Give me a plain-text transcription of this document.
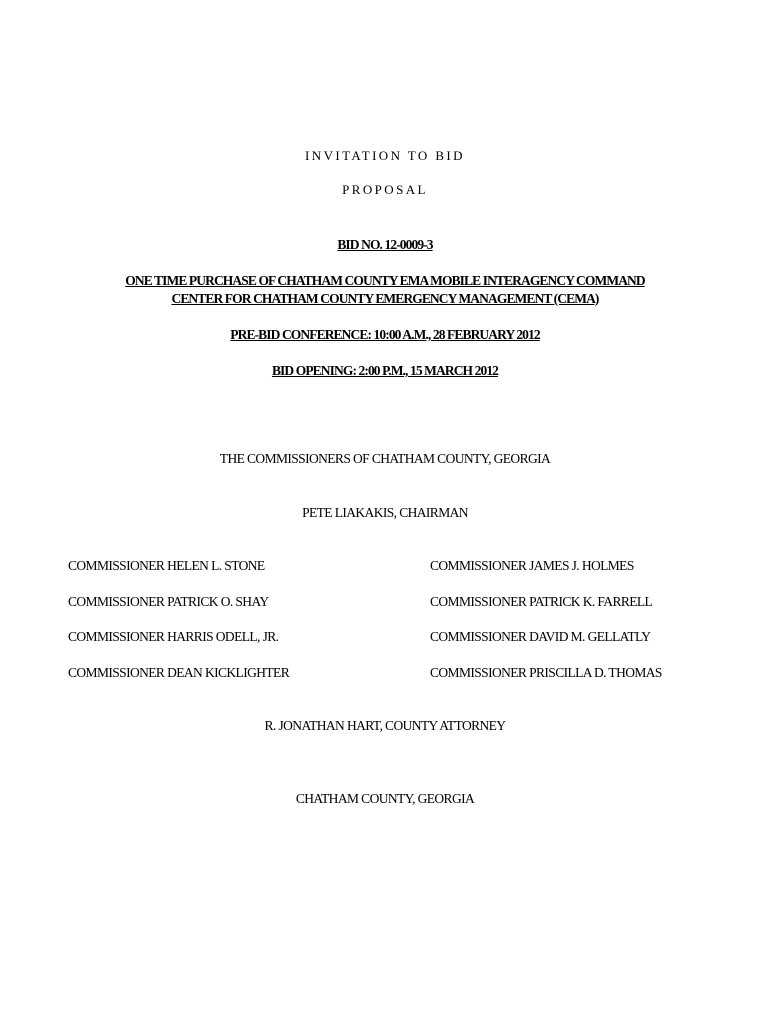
INVITATION TO BID
PROPOSAL
BID NO. 12-0009-3
ONE TIME PURCHASE OF CHATHAM COUNTY EMA MOBILE INTERAGENCY COMMAND
CENTER FOR CHATHAM COUNTY EMERGENCY MANAGEMENT (CEMA)
PRE-BID CONFERENCE: 10:00 A.M., 28 FEBRUARY 2012
BID OPENING: 2:00 P.M., 15 MARCH 2012
THE COMMISSIONERS OF CHATHAM COUNTY, GEORGIA
PETE LIAKAKIS, CHAIRMAN
COMMISSIONER HELEN L. STONE	COMMISSIONER JAMES J. HOLMES
COMMISSIONER PATRICK O. SHAY	COMMISSIONER PATRICK K. FARRELL
COMMISSIONER HARRIS ODELL, JR.	COMMISSIONER DAVID M. GELLATLY
COMMISSIONER DEAN KICKLIGHTER	COMMISSIONER PRISCILLA D. THOMAS
R. JONATHAN HART, COUNTY ATTORNEY
CHATHAM COUNTY, GEORGIA
